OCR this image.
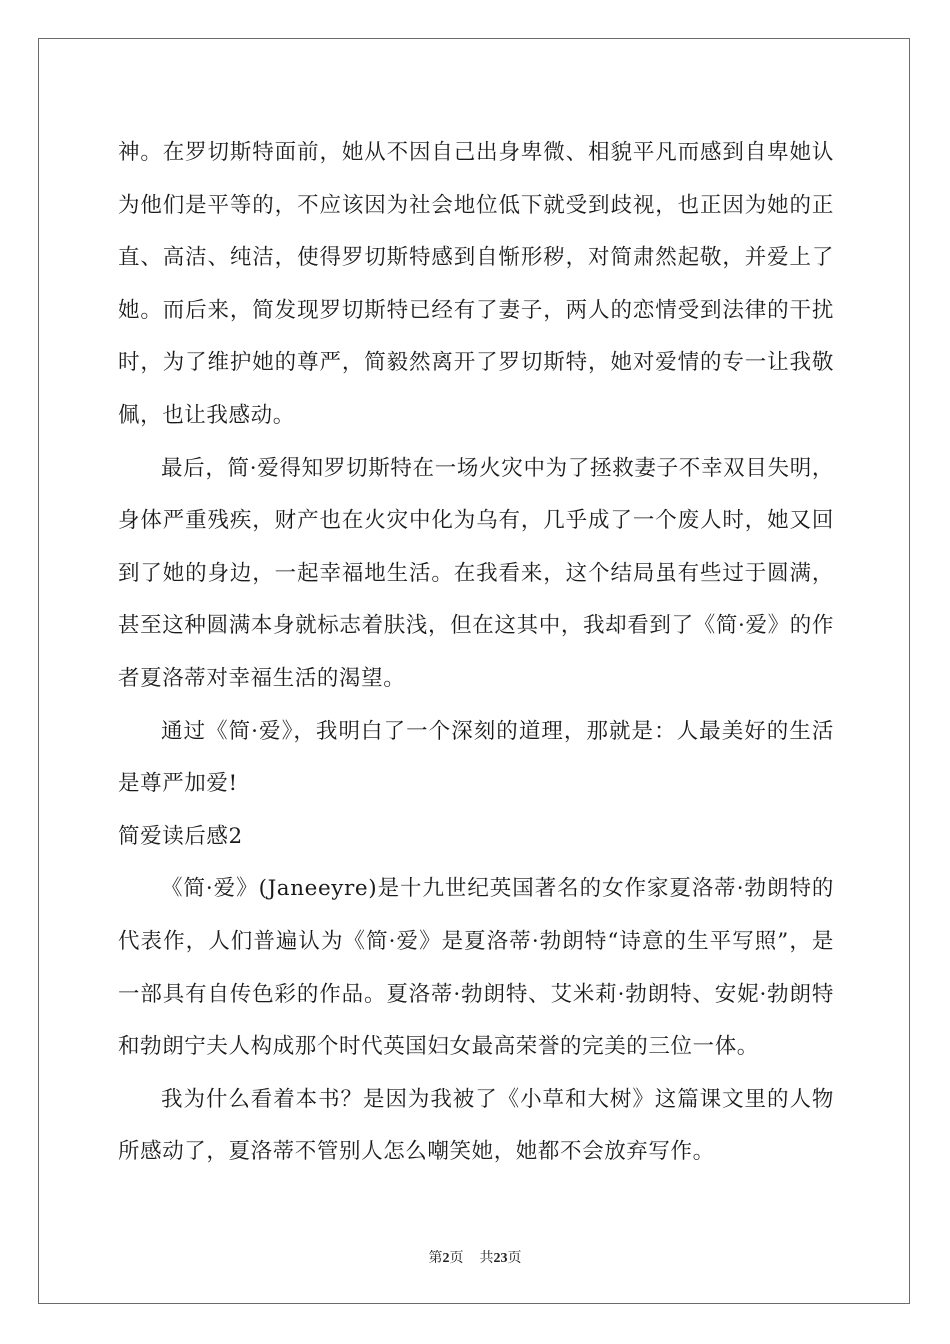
神。在罗切斯特面前，她从不因自己出身卑微、相貌平凡而感到自卑她认为他们是平等的，不应该因为社会地位低下就受到歧视，也正因为她的正直、高洁、纯洁，使得罗切斯特感到自惭形秽，对简肃然起敬，并爱上了她。而后来，简发现罗切斯特已经有了妻子，两人的恋情受到法律的干扰时，为了维护她的尊严，简毅然离开了罗切斯特，她对爱情的专一让我敬佩，也让我感动。

最后，简·爱得知罗切斯特在一场火灾中为了拯救妻子不幸双目失明，身体严重残疾，财产也在火灾中化为乌有，几乎成了一个废人时，她又回到了她的身边，一起幸福地生活。在我看来，这个结局虽有些过于圆满，甚至这种圆满本身就标志着肤浅，但在这其中，我却看到了《简·爱》的作者夏洛蒂对幸福生活的渴望。

通过《简·爱》，我明白了一个深刻的道理，那就是：人最美好的生活是尊严加爱!

简爱读后感2

《简·爱》(Janeeyre)是十九世纪英国著名的女作家夏洛蒂·勃朗特的代表作，人们普遍认为《简·爱》是夏洛蒂·勃朗特“诗意的生平写照”，是一部具有自传色彩的作品。夏洛蒂·勃朗特、艾米莉·勃朗特、安妮·勃朗特和勃朗宁夫人构成那个时代英国妇女最高荣誉的完美的三位一体。

我为什么看着本书？是因为我被了《小草和大树》这篇课文里的人物所感动了，夏洛蒂不管别人怎么嘲笑她，她都不会放弃写作。

第2页 共23页
